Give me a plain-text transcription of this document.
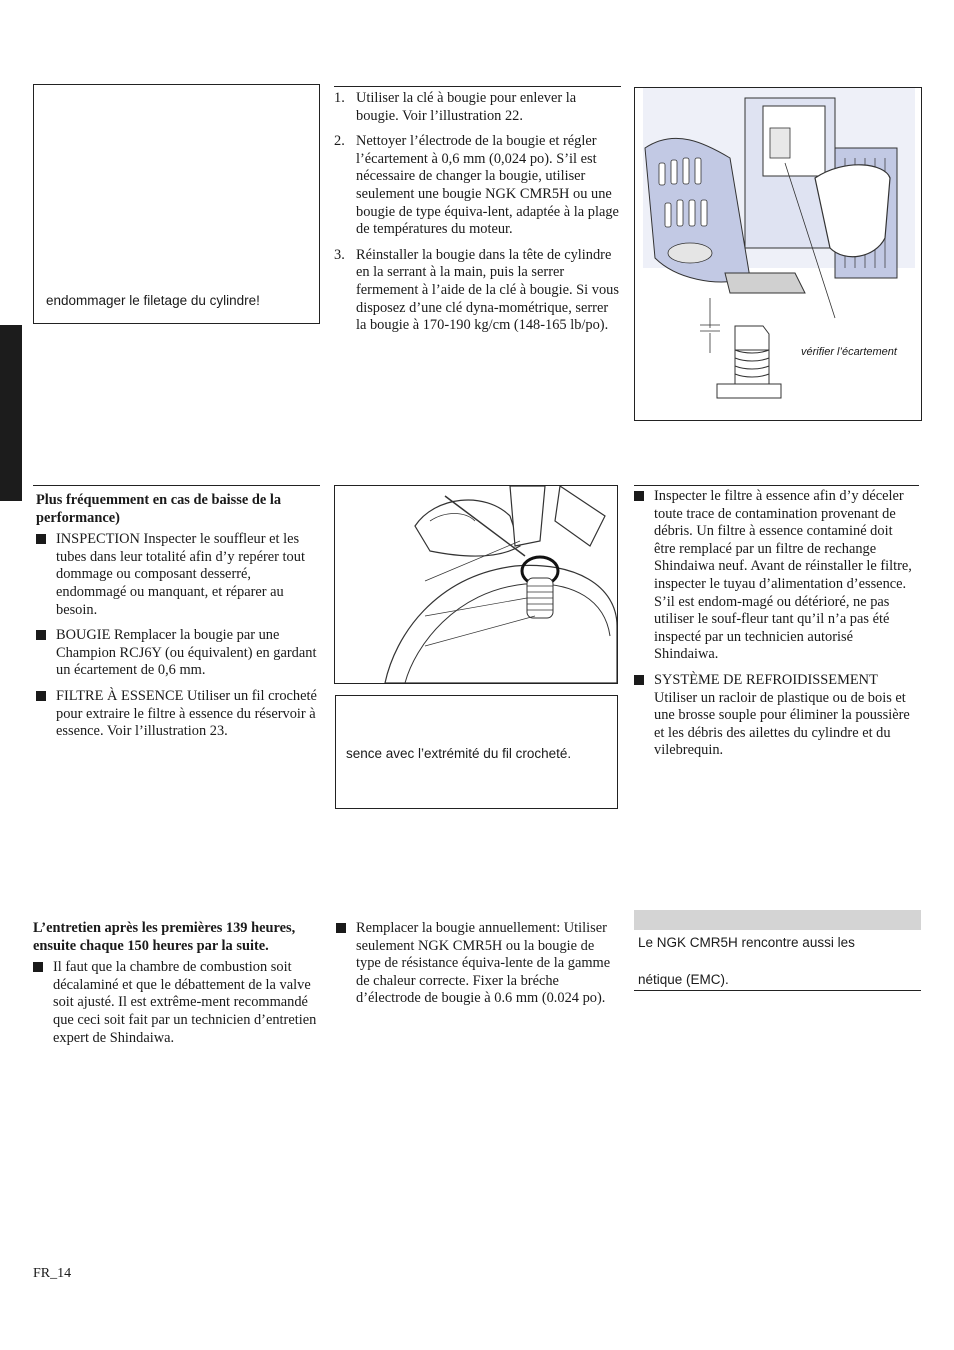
endommager le filetage du cylindre!
1. Utiliser la clé à bougie pour enlever la bougie. Voir l’illustration 22.
2. Nettoyer l’électrode de la bougie et régler l’écartement à 0,6 mm (0,024 po). S’il est nécessaire de changer la bougie, utiliser seulement une bougie NGK CMR5H ou une bougie de type équiva-lent, adaptée à la plage de températures du moteur.
3. Réinstaller la bougie dans la tête de cylindre en la serrant à la main, puis la serrer fermement à l’aide de la clé à bougie. Si vous disposez d’une clé dyna-mométrique, serrer la bougie à 170-190 kg/cm (148-165 lb/po).
vérifier l’écartement

Plus fréquemment en cas de baisse de la performance)

INSPECTION Inspecter le souffleur et les tubes dans leur totalité afin d’y repérer tout dommage ou composant desserré, endommagé ou manquant, et réparer au besoin.
BOUGIE Remplacer la bougie par une Champion RCJ6Y (ou équivalent) en gardant un écartement de 0,6 mm.
FILTRE À ESSENCE Utiliser un fil crocheté pour extraire le filtre à essence du réservoir à essence. Voir l’illustration 23.
sence avec l’extrémité du fil crocheté.
Inspecter le filtre à essence afin d’y déceler toute trace de contamination provenant de débris. Un filtre à essence contaminé doit être remplacé par un filtre de rechange Shindaiwa neuf. Avant de réinstaller le filtre, inspecter le tuyau d’alimentation d’essence. S’il est endom-magé ou détérioré, ne pas utiliser le souf-fleur tant qu’il n’a pas été inspecté par un technicien autorisé Shindaiwa.
SYSTÈME DE REFROIDISSEMENT Utiliser un racloir de plastique ou de bois et une brosse souple pour éliminer la poussière et les débris des ailettes du cylindre et du vilebrequin.

L’entretien après les premières 139 heures, ensuite chaque 150 heures par la suite.

Il faut que la chambre de combustion soit décalaminé et que le débattement de la valve soit ajusté. Il est extrême-ment recommandé que ceci soit fait par un technicien d’entretien expert de Shindaiwa.
Remplacer la bougie annuellement: Utiliser seulement NGK CMR5H ou la bougie de type de résistance équiva-lente de la gamme de chaleur correcte. Fixer la bréche d’électrode de bougie à 0.6 mm (0.024 po).
Le NGK CMR5H rencontre aussi les
nétique (EMC).
FR_14
